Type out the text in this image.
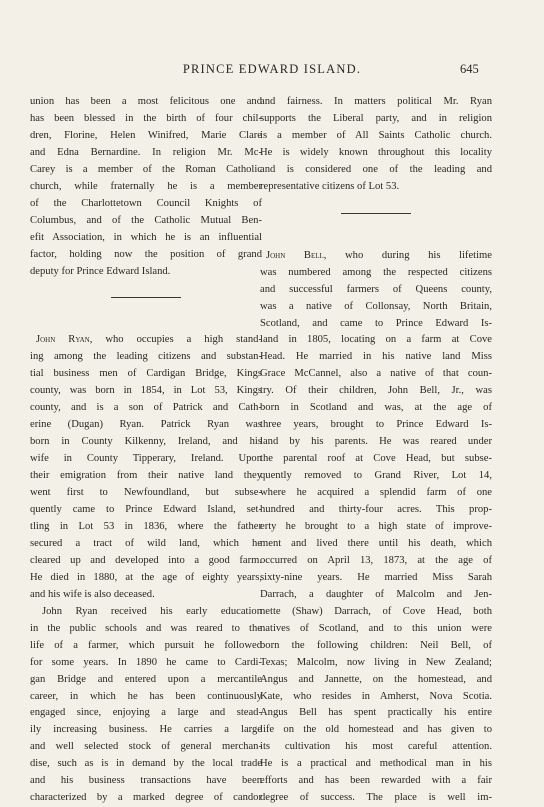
PRINCE EDWARD ISLAND.	645
union has been a most felicitous one and
has been blessed in the birth of four chil-
dren, Florine, Helen Winifred, Marie Clare
and Edna Bernardine. In religion Mr. Mc-
Carey is a member of the Roman Catholic
church, while fraternally he is a member
of the Charlottetown Council Knights of
Columbus, and of the Catholic Mutual Ben-
efit Association, in which he is an influential
factor, holding now the position of grand
deputy for Prince Edward Island.
John Ryan, who occupies a high stand-
ing among the leading citizens and substan-
tial business men of Cardigan Bridge, Kings
county, was born in 1854, in Lot 53, Kings
county, and is a son of Patrick and Cath-
erine (Dugan) Ryan. Patrick Ryan was
born in County Kilkenny, Ireland, and his
wife in County Tipperary, Ireland. Upon
their emigration from their native land they
went first to Newfoundland, but subse-
quently came to Prince Edward Island, set-
tling in Lot 53 in 1836, where the father
secured a tract of wild land, which he
cleared up and developed into a good farm.
He died in 1880, at the age of eighty years,
and his wife is also deceased.
John Ryan received his early education
in the public schools and was reared to the
life of a farmer, which pursuit he followed
for some years. In 1890 he came to Cardi-
gan Bridge and entered upon a mercantile
career, in which he has been continuously
engaged since, enjoying a large and stead-
ily increasing business. He carries a large
and well selected stock of general merchan-
dise, such as is in demand by the local trade
and his business transactions have been
characterized by a marked degree of candor
and fairness. In matters political Mr. Ryan
supports the Liberal party, and in religion
is a member of All Saints Catholic church.
He is widely known throughout this locality
and is considered one of the leading and
representative citizens of Lot 53.
John Bell, who during his lifetime
was numbered among the respected citizens
and successful farmers of Queens county,
was a native of Collonsay, North Britain,
Scotland, and came to Prince Edward Is-
land in 1805, locating on a farm at Cove
Head. He married in his native land Miss
Grace McCannel, also a native of that coun-
try. Of their children, John Bell, Jr., was
born in Scotland and was, at the age of
three years, brought to Prince Edward Is-
land by his parents. He was reared under
the parental roof at Cove Head, but subse-
quently removed to Grand River, Lot 14,
where he acquired a splendid farm of one
hundred and thirty-four acres. This prop-
erty he brought to a high state of improve-
ment and lived there until his death, which
occurred on April 13, 1873, at the age of
sixty-nine years. He married Miss Sarah
Darrach, a daughter of Malcolm and Jen-
nette (Shaw) Darrach, of Cove Head, both
natives of Scotland, and to this union were
born the following children: Neil Bell, of
Texas; Malcolm, now living in New Zealand;
Angus and Jannette, on the homestead, and
Kate, who resides in Amherst, Nova Scotia.
Angus Bell has spent practically his entire
life on the old homestead and has given to
its cultivation his most careful attention.
He is a practical and methodical man in his
efforts and has been rewarded with a fair
degree of success. The place is well im-
